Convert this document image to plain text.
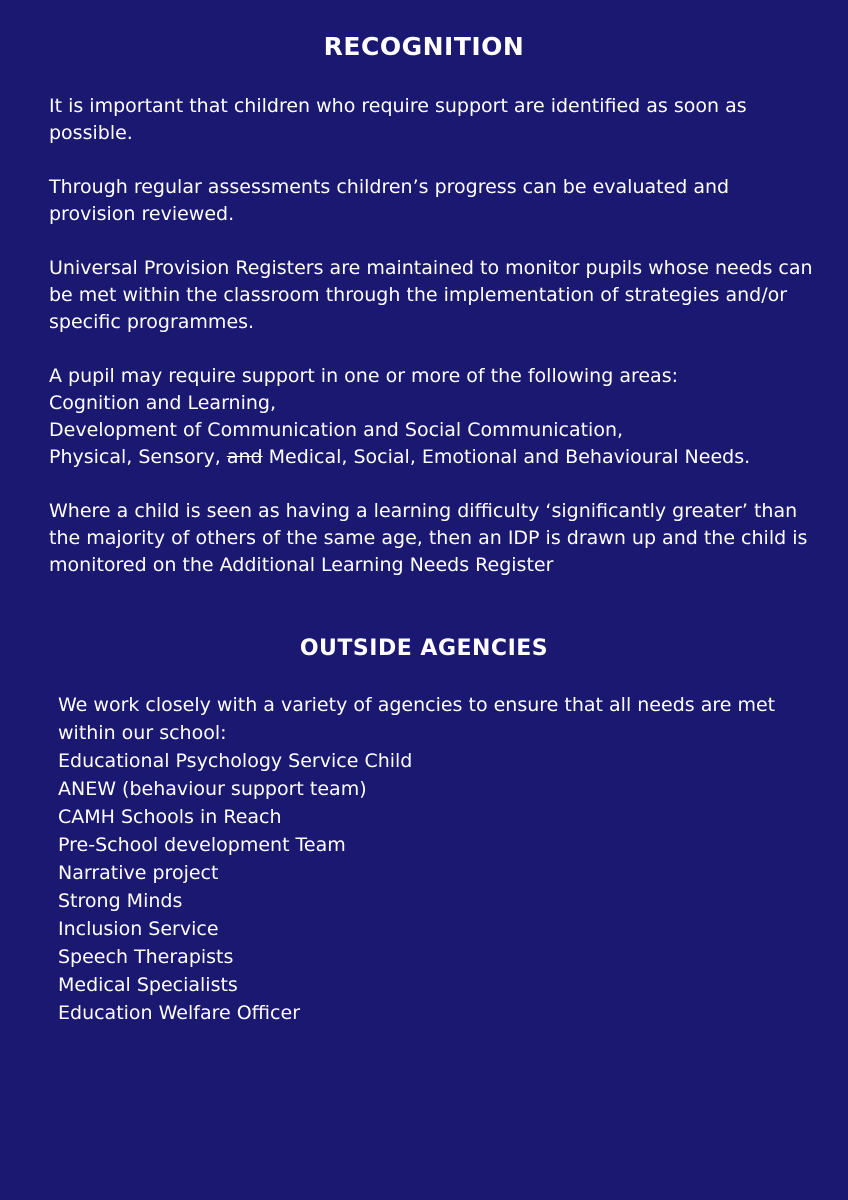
RECOGNITION

It is important that children who require support are identified as soon as possible.

Through regular assessments children’s progress can be evaluated and provision reviewed.

Universal Provision Registers are maintained to monitor pupils whose needs can be met within the classroom through the implementation of strategies and/or specific programmes.

A pupil may require support in one or more of the following areas:
Cognition and Learning,
Development of Communication and Social Communication,
Physical, Sensory, and Medical, Social, Emotional and Behavioural Needs.

Where a child is seen as having a learning difficulty ‘significantly greater’ than the majority of others of the same age, then an IDP is drawn up and the child is monitored on the Additional Learning Needs Register

OUTSIDE AGENCIES
We work closely with a variety of agencies to ensure that all needs are met within our school:
Educational Psychology Service Child
ANEW (behaviour support team)
CAMH Schools in Reach
Pre-School development Team
Narrative project
Strong Minds
Inclusion Service
Speech Therapists
Medical Specialists
Education Welfare Officer
